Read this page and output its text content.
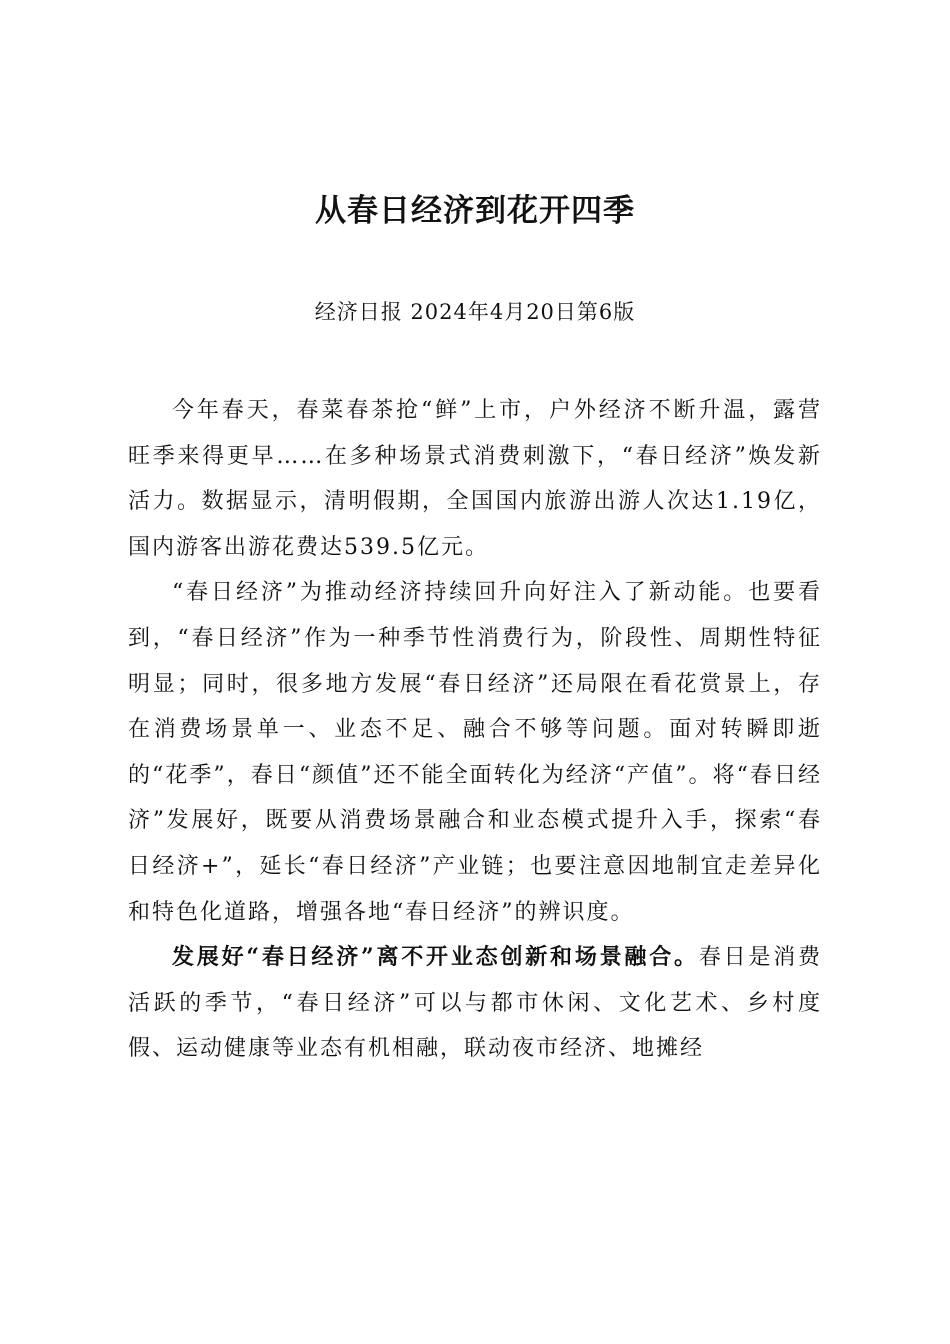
从春日经济到花开四季

经济日报 2024年4月20日第6版

今年春天，春菜春茶抢“鲜”上市，户外经济不断升温，露营旺季来得更早……在多种场景式消费刺激下，“春日经济”焕发新活力。数据显示，清明假期，全国国内旅游出游人次达1.19亿，国内游客出游花费达539.5亿元。

“春日经济”为推动经济持续回升向好注入了新动能。也要看到，“春日经济”作为一种季节性消费行为，阶段性、周期性特征明显；同时，很多地方发展“春日经济”还局限在看花赏景上，存在消费场景单一、业态不足、融合不够等问题。面对转瞬即逝的“花季”，春日“颜值”还不能全面转化为经济“产值”。将“春日经济”发展好，既要从消费场景融合和业态模式提升入手，探索“春日经济+”，延长“春日经济”产业链；也要注意因地制宜走差异化和特色化道路，增强各地“春日经济”的辨识度。

发展好“春日经济”离不开业态创新和场景融合。春日是消费活跃的季节，“春日经济”可以与都市休闲、文化艺术、乡村度假、运动健康等业态有机相融，联动夜市经济、地摊经
